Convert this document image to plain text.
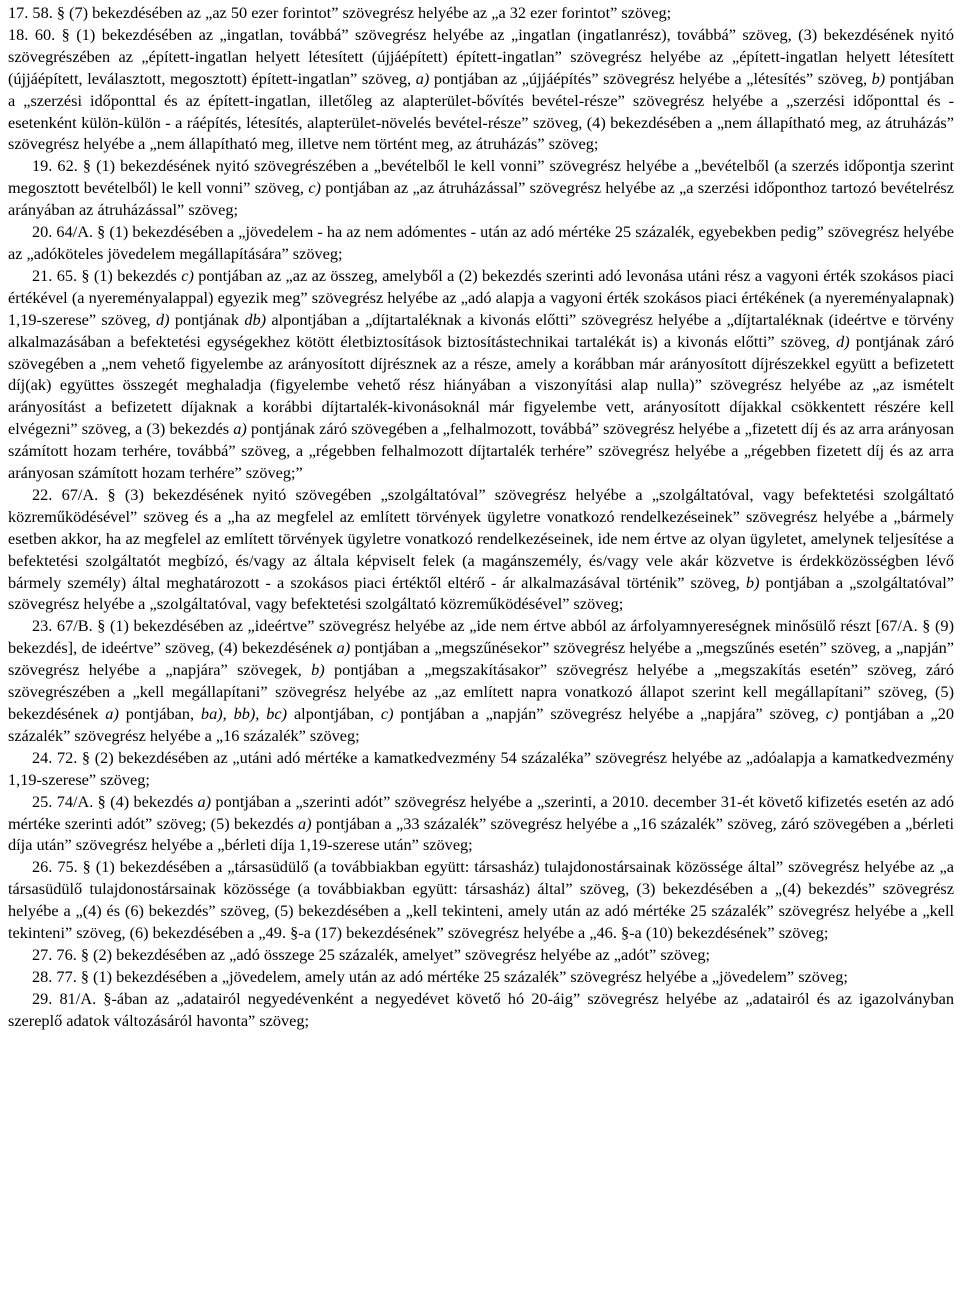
17. 58. § (7) bekezdésében az „az 50 ezer forintot” szövegrész helyébe az „a 32 ezer forintot” szöveg;

18. 60. § (1) bekezdésében az „ingatlan, továbbá” szövegrész helyébe az „ingatlan (ingatlanrész), továbbá” szöveg, (3) bekezdésének nyitó szövegrészében az „épített-ingatlan helyett létesített (újjáépített) épített-ingatlan” szövegrész helyébe az „épített-ingatlan helyett létesített (újjáépített, leválasztott, megosztott) épített-ingatlan” szöveg, a) pontjában az „újjáépítés” szövegrész helyébe a „létesítés” szöveg, b) pontjában a „szerzési időponttal és az épített-ingatlan, illetőleg az alapterület-bővítés bevétel-része” szövegrész helyébe a „szerzési időponttal és - esetenként külön-külön - a ráépítés, létesítés, alapterület-növelés bevétel-része” szöveg, (4) bekezdésében a „nem állapítható meg, az átruházás” szövegrész helyébe a „nem állapítható meg, illetve nem történt meg, az átruházás” szöveg;

19. 62. § (1) bekezdésének nyitó szövegrészében a „bevételből le kell vonni” szövegrész helyébe a „bevételből (a szerzés időpontja szerint megosztott bevételből) le kell vonni” szöveg, c) pontjában az „az átruházással” szövegrész helyébe az „a szerzési időponthoz tartozó bevételrész arányában az átruházással” szöveg;

20. 64/A. § (1) bekezdésében a „jövedelem - ha az nem adómentes - után az adó mértéke 25 százalék, egyebekben pedig” szövegrész helyébe az „adóköteles jövedelem megállapítására” szöveg;

21. 65. § (1) bekezdés c) pontjában az „az az összeg, amelyből a (2) bekezdés szerinti adó levonása utáni rész a vagyoni érték szokásos piaci értékével (a nyereményalappal) egyezik meg” szövegrész helyébe az „adó alapja a vagyoni érték szokásos piaci értékének (a nyereményalapnak) 1,19-szerese” szöveg, d) pontjának db) alpontjában a „díjtartaléknak a kivonás előtti” szövegrész helyébe a „díjtartaléknak (ideértve e törvény alkalmazásában a befektetési egységekhez kötött életbiztosítások biztosítástechnikai tartalékát is) a kivonás előtti” szöveg, d) pontjának záró szövegében a „nem vehető figyelembe az arányosított díjrésznek az a része, amely a korábban már arányosított díjrészekkel együtt a befizetett díj(ak) együttes összegét meghaladja (figyelembe vehető rész hiányában a viszonyítási alap nulla)” szövegrész helyébe az „az ismételt arányosítást a befizetett díjaknak a korábbi díjtartalék-kivonásoknál már figyelembe vett, arányosított díjakkal csökkentett részére kell elvégezni” szöveg, a (3) bekezdés a) pontjának záró szövegében a „felhalmozott, továbbá” szövegrész helyébe a „fizetett díj és az arra arányosan számított hozam terhére, továbbá” szöveg, a „régebben felhalmozott díjtartalék terhére” szövegrész helyébe a „régebben fizetett díj és az arra arányosan számított hozam terhére” szöveg;”

22. 67/A. § (3) bekezdésének nyitó szövegében „szolgáltatóval” szövegrész helyébe a „szolgáltatóval, vagy befektetési szolgáltató közreműködésével” szöveg és a „ha az megfelel az említett törvények ügyletre vonatkozó rendelkezéseinek” szövegrész helyébe a „bármely esetben akkor, ha az megfelel az említett törvények ügyletre vonatkozó rendelkezéseinek, ide nem értve az olyan ügyletet, amelynek teljesítése a befektetési szolgáltatót megbízó, és/vagy az általa képviselt felek (a magánszemély, és/vagy vele akár közvetve is érdekközösségben lévő bármely személy) által meghatározott - a szokásos piaci értéktől eltérő - ár alkalmazásával történik” szöveg, b) pontjában a „szolgáltatóval” szövegrész helyébe a „szolgáltatóval, vagy befektetési szolgáltató közreműködésével” szöveg;

23. 67/B. § (1) bekezdésében az „ideértve” szövegrész helyébe az „ide nem értve abból az árfolyamnyereségnek minősülő részt [67/A. § (9) bekezdés], de ideértve” szöveg, (4) bekezdésének a) pontjában a „megszűnésekor” szövegrész helyébe a „megszűnés esetén” szöveg, a „napján” szövegrész helyébe a „napjára” szövegek, b) pontjában a „megszakításakor” szövegrész helyébe a „megszakítás esetén” szöveg, záró szövegrészében a „kell megállapítani” szövegrész helyébe az „az említett napra vonatkozó állapot szerint kell megállapítani” szöveg, (5) bekezdésének a) pontjában, ba), bb), bc) alpontjában, c) pontjában a „napján” szövegrész helyébe a „napjára” szöveg, c) pontjában a „20 százalék” szövegrész helyébe a „16 százalék” szöveg;

24. 72. § (2) bekezdésében az „utáni adó mértéke a kamatkedvezmény 54 százaléka” szövegrész helyébe az „adóalapja a kamatkedvezmény 1,19-szerese” szöveg;

25. 74/A. § (4) bekezdés a) pontjában a „szerinti adót” szövegrész helyébe a „szerinti, a 2010. december 31-ét követő kifizetés esetén az adó mértéke szerinti adót” szöveg; (5) bekezdés a) pontjában a „33 százalék” szövegrész helyébe a „16 százalék” szöveg, záró szövegében a „bérleti díja után” szövegrész helyébe a „bérleti díja 1,19-szerese után” szöveg;

26. 75. § (1) bekezdésében a „társasüdülő (a továbbiakban együtt: társasház) tulajdonostársainak közössége által” szövegrész helyébe az „a társasüdülő tulajdonostársainak közössége (a továbbiakban együtt: társasház) által” szöveg, (3) bekezdésében a „(4) bekezdés” szövegrész helyébe a „(4) és (6) bekezdés” szöveg, (5) bekezdésében a „kell tekinteni, amely után az adó mértéke 25 százalék” szövegrész helyébe a „kell tekinteni” szöveg, (6) bekezdésében a „49. §-a (17) bekezdésének” szövegrész helyébe a „46. §-a (10) bekezdésének” szöveg;

27. 76. § (2) bekezdésében az „adó összege 25 százalék, amelyet” szövegrész helyébe az „adót” szöveg;

28. 77. § (1) bekezdésében a „jövedelem, amely után az adó mértéke 25 százalék” szövegrész helyébe a „jövedelem” szöveg;

29. 81/A. §-ában az „adatairól negyedévenként a negyedévet követő hó 20-áig” szövegrész helyébe az „adatairól és az igazolványban szereplő adatok változásáról havonta” szöveg;
